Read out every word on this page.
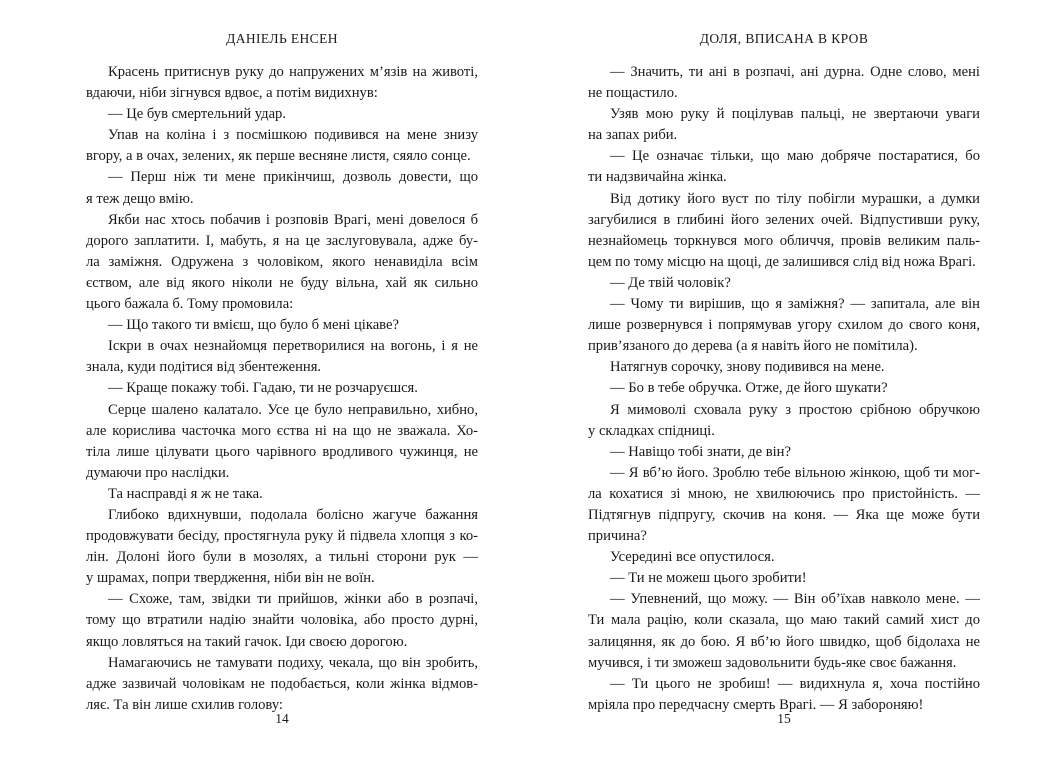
ДАНІЕЛЬ ЕНСЕН
Красень притиснув руку до напружених м’язів на животі,
вдаючи, ніби зігнувся вдвоє, а потім видихнув:
— Це був смертельний удар.
Упав на коліна і з посмішкою подивився на мене знизу
вгору, а в очах, зелених, як перше весняне листя, сяяло сонце.
— Перш ніж ти мене прикінчиш, дозволь довести, що
я теж дещо вмію.
Якби нас хтось побачив і розповів Врагі, мені довелося б
дорого заплатити. І, мабуть, я на це заслуговувала, адже бу-
ла заміжня. Одружена з чоловіком, якого ненавиділа всім
єством, але від якого ніколи не буду вільна, хай як сильно
цього бажала б. Тому промовила:
— Що такого ти вмієш, що було б мені цікаве?
Іскри в очах незнайомця перетворилися на вогонь, і я не
знала, куди подітися від збентеження.
— Краще покажу тобі. Гадаю, ти не розчаруєшся.
Серце шалено калатало. Усе це було неправильно, хибно,
але корислива часточка мого єства ні на що не зважала. Хо-
тіла лише цілувати цього чарівного вродливого чужинця, не
думаючи про наслідки.
Та насправді я ж не така.
Глибоко вдихнувши, подолала болісно жагуче бажання
продовжувати бесіду, простягнула руку й підвела хлопця з ко-
лін. Долоні його були в мозолях, а тильні сторони рук —
у шрамах, попри твердження, ніби він не воїн.
— Схоже, там, звідки ти прийшов, жінки або в розпачі,
тому що втратили надію знайти чоловіка, або просто дурні,
якщо ловляться на такий гачок. Іди своєю дорогою.
Намагаючись не тамувати подиху, чекала, що він зробить,
адже зазвичай чоловікам не подобається, коли жінка відмов-
ляє. Та він лише схилив голову:
14
ДОЛЯ, ВПИСАНА В КРОВ
— Значить, ти ані в розпачі, ані дурна. Одне слово, мені
не пощастило.
Узяв мою руку й поцілував пальці, не звертаючи уваги
на запах риби.
— Це означає тільки, що маю добряче постаратися, бо
ти надзвичайна жінка.
Від дотику його вуст по тілу побігли мурашки, а думки
загубилися в глибині його зелених очей. Відпустивши руку,
незнайомець торкнувся мого обличчя, провів великим паль-
цем по тому місцю на щоці, де залишився слід від ножа Врагі.
— Де твій чоловік?
— Чому ти вирішив, що я заміжня? — запитала, але він
лише розвернувся і попрямував угору схилом до свого коня,
прив’язаного до дерева (а я навіть його не помітила).
Натягнув сорочку, знову подивився на мене.
— Бо в тебе обручка. Отже, де його шукати?
Я мимоволі сховала руку з простою срібною обручкою
у складках спідниці.
— Навіщо тобі знати, де він?
— Я вб’ю його. Зроблю тебе вільною жінкою, щоб ти мог-
ла кохатися зі мною, не хвилюючись про пристойність. —
Підтягнув підпругу, скочив на коня. — Яка ще може бути
причина?
Усередині все опустилося.
— Ти не можеш цього зробити!
— Упевнений, що можу. — Він об’їхав навколо мене. —
Ти мала рацію, коли сказала, що маю такий самий хист до
залицяння, як до бою. Я вб’ю його швидко, щоб бідолаха не
мучився, і ти зможеш задовольнити будь-яке своє бажання.
— Ти цього не зробиш! — видихнула я, хоча постійно
мріяла про передчасну смерть Врагі. — Я забороняю!
15
